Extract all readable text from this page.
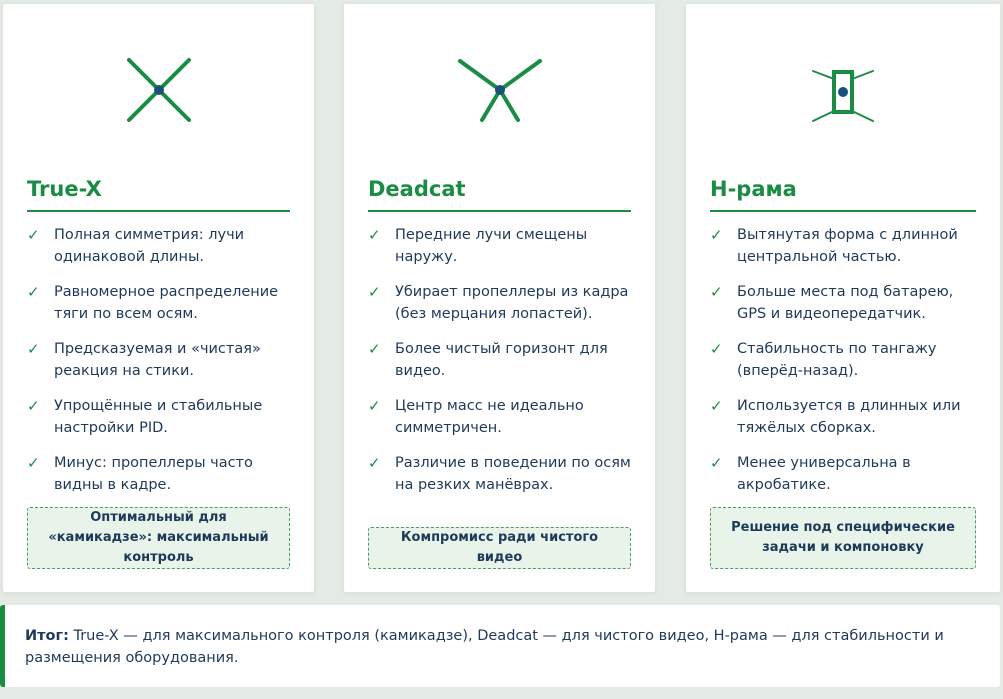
True-X
✓ Полная симметрия: лучи одинаковой длины.
✓ Равномерное распределение тяги по всем осям.
✓ Предсказуемая и «чистая» реакция на стики.
✓ Упрощённые и стабильные настройки PID.
✓ Минус: пропеллеры часто видны в кадре.
Оптимальный для «камикадзе»: максимальный контроль
Deadcat
✓ Передние лучи смещены наружу.
✓ Убирает пропеллеры из кадра (без мерцания лопастей).
✓ Более чистый горизонт для видео.
✓ Центр масс не идеально симметричен.
✓ Различие в поведении по осям на резких манёврах.
Компромисс ради чистого видео
H-рама
✓ Вытянутая форма с длинной центральной частью.
✓ Больше места под батарею, GPS и видеопередатчик.
✓ Стабильность по тангажу (вперёд-назад).
✓ Используется в длинных или тяжёлых сборках.
✓ Менее универсальна в акробатике.
Решение под специфические задачи и компоновку
Итог: True-X — для максимального контроля (камикадзе), Deadcat — для чистого видео, H-рама — для стабильности и размещения оборудования.
